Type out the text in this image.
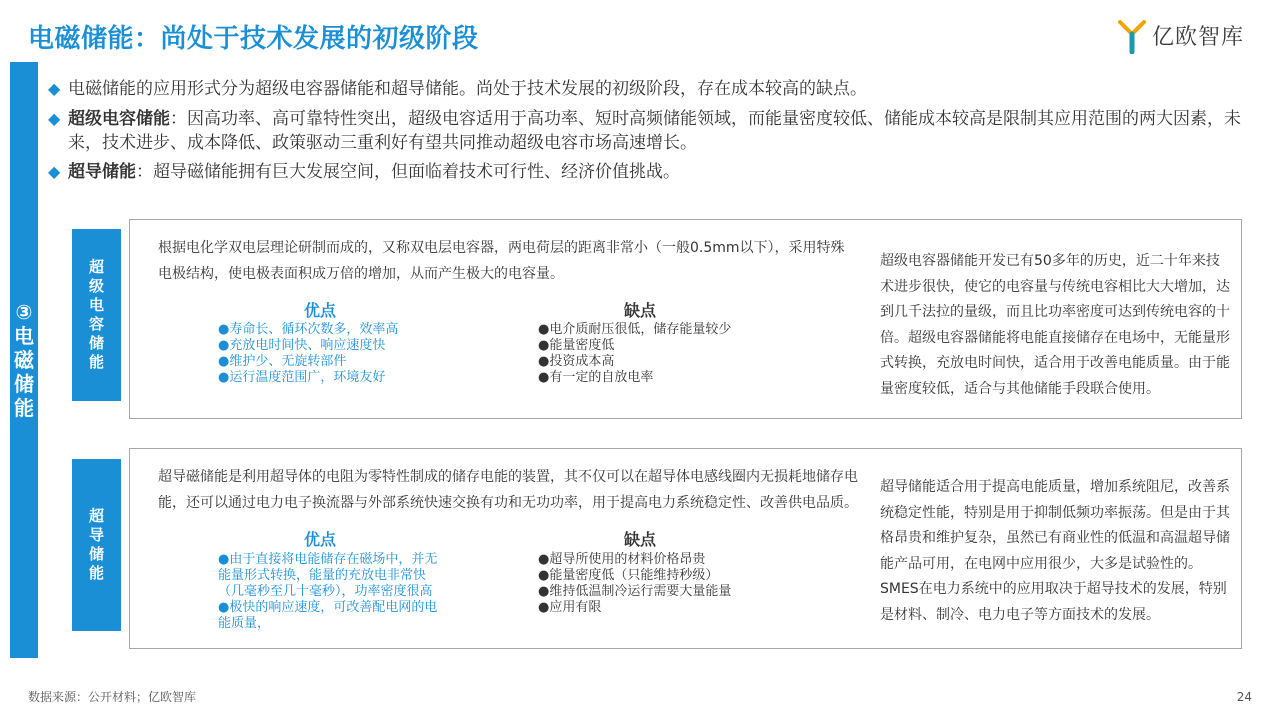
电磁储能：尚处于技术发展的初级阶段	亿欧智库
③电磁储能
◆ 电磁储能的应用形式分为超级电容器储能和超导储能。尚处于技术发展的初级阶段，存在成本较高的缺点。
◆ 超级电容储能：因高功率、高可靠特性突出，超级电容适用于高功率、短时高频储能领域，而能量密度较低、储能成本较高是限制其应用范围的两大因素，未来，技术进步、成本降低、政策驱动三重利好有望共同推动超级电容市场高速增长。
◆ 超导储能：超导磁储能拥有巨大发展空间，但面临着技术可行性、经济价值挑战。
超级电容储能
根据电化学双电层理论研制而成的，又称双电层电容器，两电荷层的距离非常小（一般0.5mm以下），采用特殊电极结构，使电极表面积成万倍的增加，从而产生极大的电容量。
优点
●寿命长、循环次数多，效率高
●充放电时间快、响应速度快
●维护少、无旋转部件
●运行温度范围广，环境友好
缺点
●电介质耐压很低，储存能量较少
●能量密度低
●投资成本高
●有一定的自放电率
超级电容器储能开发已有50多年的历史，近二十年来技术进步很快，使它的电容量与传统电容相比大大增加，达到几千法拉的量级，而且比功率密度可达到传统电容的十倍。超级电容器储能将电能直接储存在电场中，无能量形式转换，充放电时间快，适合用于改善电能质量。由于能量密度较低，适合与其他储能手段联合使用。
超导储能
超导磁储能是利用超导体的电阻为零特性制成的储存电能的装置，其不仅可以在超导体电感线圈内无损耗地储存电能，还可以通过电力电子换流器与外部系统快速交换有功和无功功率，用于提高电力系统稳定性、改善供电品质。
优点
●由于直接将电能储存在磁场中，并无能量形式转换，能量的充放电非常快（几毫秒至几十毫秒），功率密度很高
●极快的响应速度，可改善配电网的电能质量，
缺点
●超导所使用的材料价格昂贵
●能量密度低（只能维持秒级）
●维持低温制冷运行需要大量能量
●应用有限
超导储能适合用于提高电能质量，增加系统阻尼，改善系统稳定性能，特别是用于抑制低频功率振荡。但是由于其格昂贵和维护复杂，虽然已有商业性的低温和高温超导储能产品可用，在电网中应用很少，大多是试验性的。SMES在电力系统中的应用取决于超导技术的发展，特别是材料、制冷、电力电子等方面技术的发展。
数据来源：公开材料；亿欧智库	24
